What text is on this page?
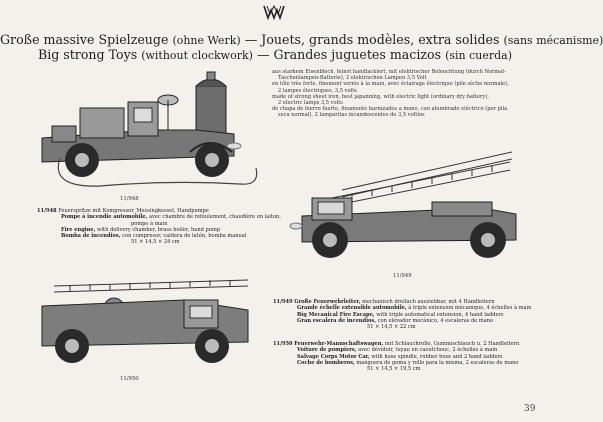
Große massive Spielzeuge (ohne Werk) — Jouets, grands modèles, extra solides (sans mécanisme)
Big strong Toys (without clockwork) — Grandes juguetes macizos (sin cuerda)
aus starkem Eisenblech, feinst handlackiert, mit elektrischer Beleuchtung (durch Normal-
Taschenlampen-Batterie), 2 elektrischen Lampen 3,5 Volt
en tôle très forte, finement vernis à la main, avec éclairage électrique (pile sèche normale),
2 lampes électriques, 3,5 volts
made of strong sheet iron, best japanning, with electric light (ordinary dry battery),
2 electric lamps 3,5 volts
de chapa de hierro fuerte, finamente barnizados a mano, con alumbrado eléctrico (por pila
seca normal), 2 lamparitas incandescentes de 3,5 voltios
11/948
11/948 Feuerspritze mit Kompressor, Messingkessel, Handpumpe
Pompe à incendie automobile, avec chambre de refoulement, chaudière en laiton,
pompe à main
Fire engine, with delivery chamber, brass boiler, hand pump
Bomba de incendios, con compresor, caldera de latón, bomba manual
51 × 14,5 × 24 cm
11/949
11/950
11/949 Große Feuerwehrleiter, mechanisch dreifach ausziehbar, mit 4 Handleitern
Grande échelle extensible automobile, à triple extension mécanique, 4 échelles à main
Big Mecanical Fire Escape, with triple automatical extension, 4 hand ladders
Gran escalera de incendios, con elevador mecánico, 4 escaleras de mano
51 × 14,5 × 22 cm
11/950 Feuerwehr-Mannschaftswagen, mit Schlauchrolle, Gummischlauch u. 2 Handleitern
Voiture de pompiers, avec dévidoir, tuyau en caoutchouc, 2 échelles à main
Salvage Corps Motor Car, with hose spindle, rubber hose and 2 hand ladders
Coche de bomberos, manguera de goma y rollo para la misma, 2 escaleras de mano
51 × 14,5 × 19,5 cm
39
